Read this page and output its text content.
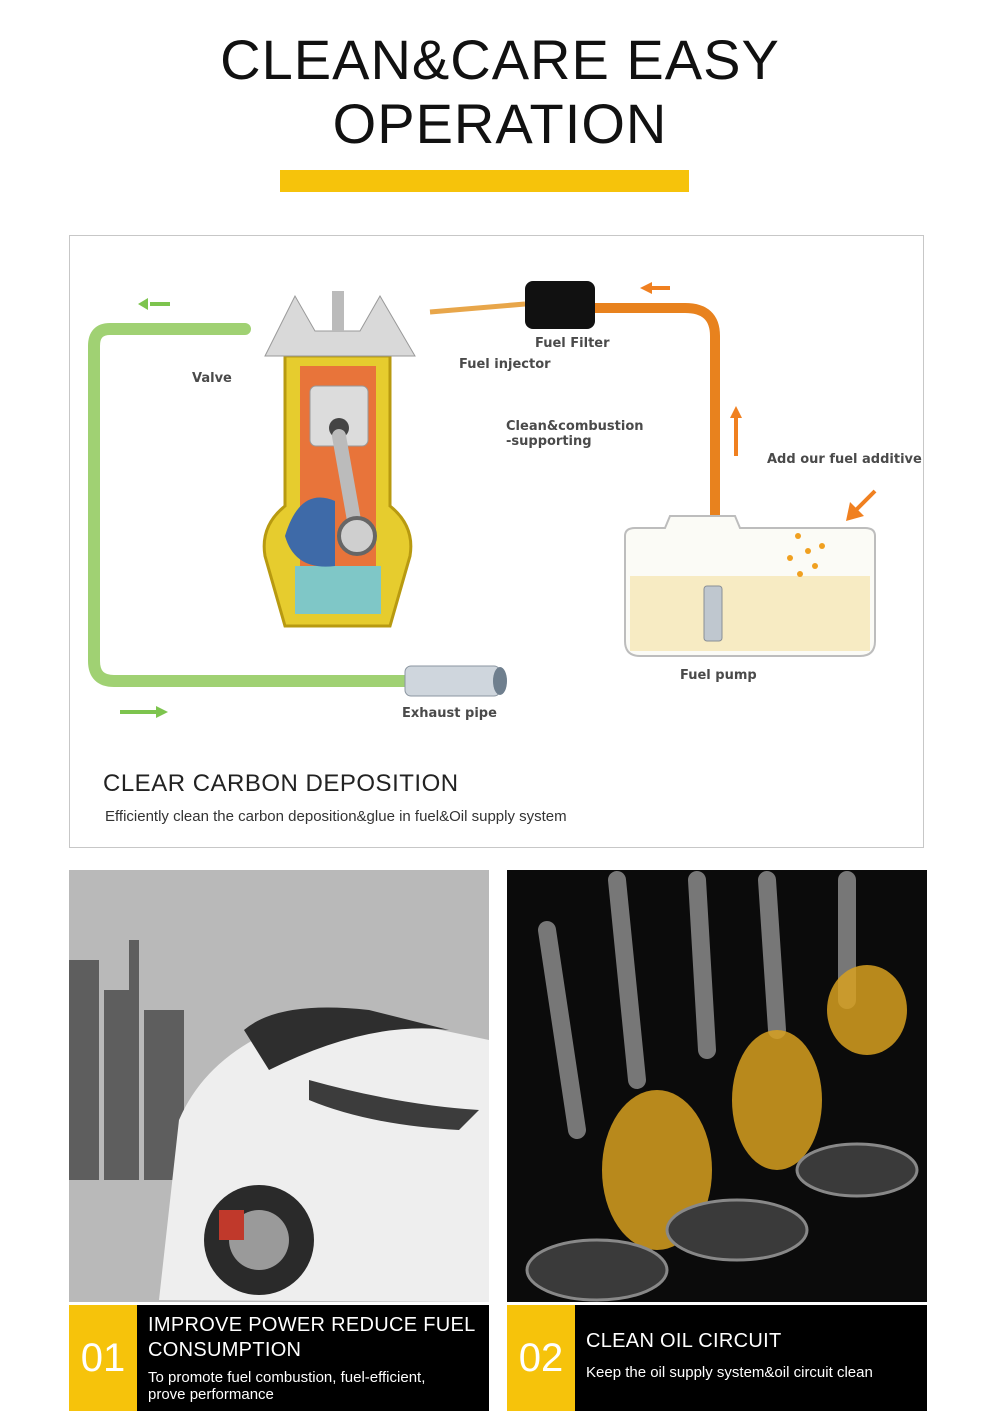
CLEAN&CARE EASY
OPERATION
Fuel Filter
Fuel injector
Valve
Clean&combustion
-supporting
Add our fuel additive
Fuel pump
Exhaust pipe
CLEAR CARBON DEPOSITION
Efficiently clean the carbon deposition&glue in fuel&Oil supply system
01
IMPROVE POWER REDUCE FUEL
CONSUMPTION
To promote fuel combustion, fuel-efficient,
prove performance
02	CLEAN OIL CIRCUIT
Keep the oil supply system&oil circuit clean
